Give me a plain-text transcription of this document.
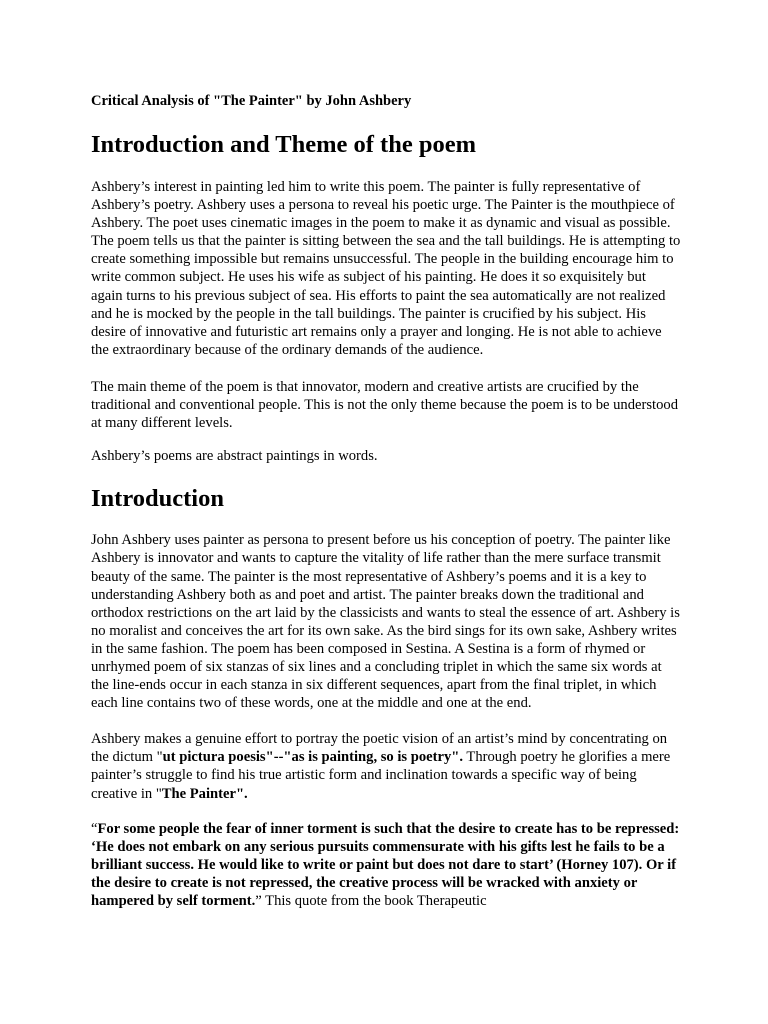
Critical Analysis of "The Painter" by John Ashbery
Introduction and Theme of the poem

Ashbery’s interest in painting led him to write this poem. The painter is fully representative of Ashbery’s poetry. Ashbery uses a persona to reveal his poetic urge. The Painter is the mouthpiece of Ashbery. The poet uses cinematic images in the poem to make it as dynamic and visual as possible. The poem tells us that the painter is sitting between the sea and the tall buildings. He is attempting to create something impossible but remains unsuccessful. The people in the building encourage him to write common subject. He uses his wife as subject of his painting. He does it so exquisitely but again turns to his previous subject of sea. His efforts to paint the sea automatically are not realized and he is mocked by the people in the tall buildings. The painter is crucified by his subject. His desire of innovative and futuristic art remains only a prayer and longing. He is not able to achieve the extraordinary because of the ordinary demands of the audience.

The main theme of the poem is that innovator, modern and creative artists are crucified by the traditional and conventional people. This is not the only theme because the poem is to be understood at many different levels.

Ashbery’s poems are abstract paintings in words.

Introduction

John Ashbery uses painter as persona to present before us his conception of poetry. The painter like Ashbery is innovator and wants to capture the vitality of life rather than the mere surface transmit beauty of the same. The painter is the most representative of Ashbery’s poems and it is a key to understanding Ashbery both as and poet and artist. The painter breaks down the traditional and orthodox restrictions on the art laid by the classicists and wants to steal the essence of art. Ashbery is no moralist and conceives the art for its own sake. As the bird sings for its own sake, Ashbery writes in the same fashion. The poem has been composed in Sestina. A Sestina is a form of rhymed or unrhymed poem of six stanzas of six lines and a concluding triplet in which the same six words at the line-ends occur in each stanza in six different sequences, apart from the final triplet, in which each line contains two of these words, one at the middle and one at the end.

Ashbery makes a genuine effort to portray the poetic vision of an artist’s mind by concentrating on the dictum "ut pictura poesis"--"as is painting, so is poetry". Through poetry he glorifies a mere painter’s struggle to find his true artistic form and inclination towards a specific way of being creative in "The Painter".

“For some people the fear of inner torment is such that the desire to create has to be repressed: ‘He does not embark on any serious pursuits commensurate with his gifts lest he fails to be a brilliant success. He would like to write or paint but does not dare to start’ (Horney 107). Or if the desire to create is not repressed, the creative process will be wracked with anxiety or hampered by self torment.” This quote from the book Therapeutic
